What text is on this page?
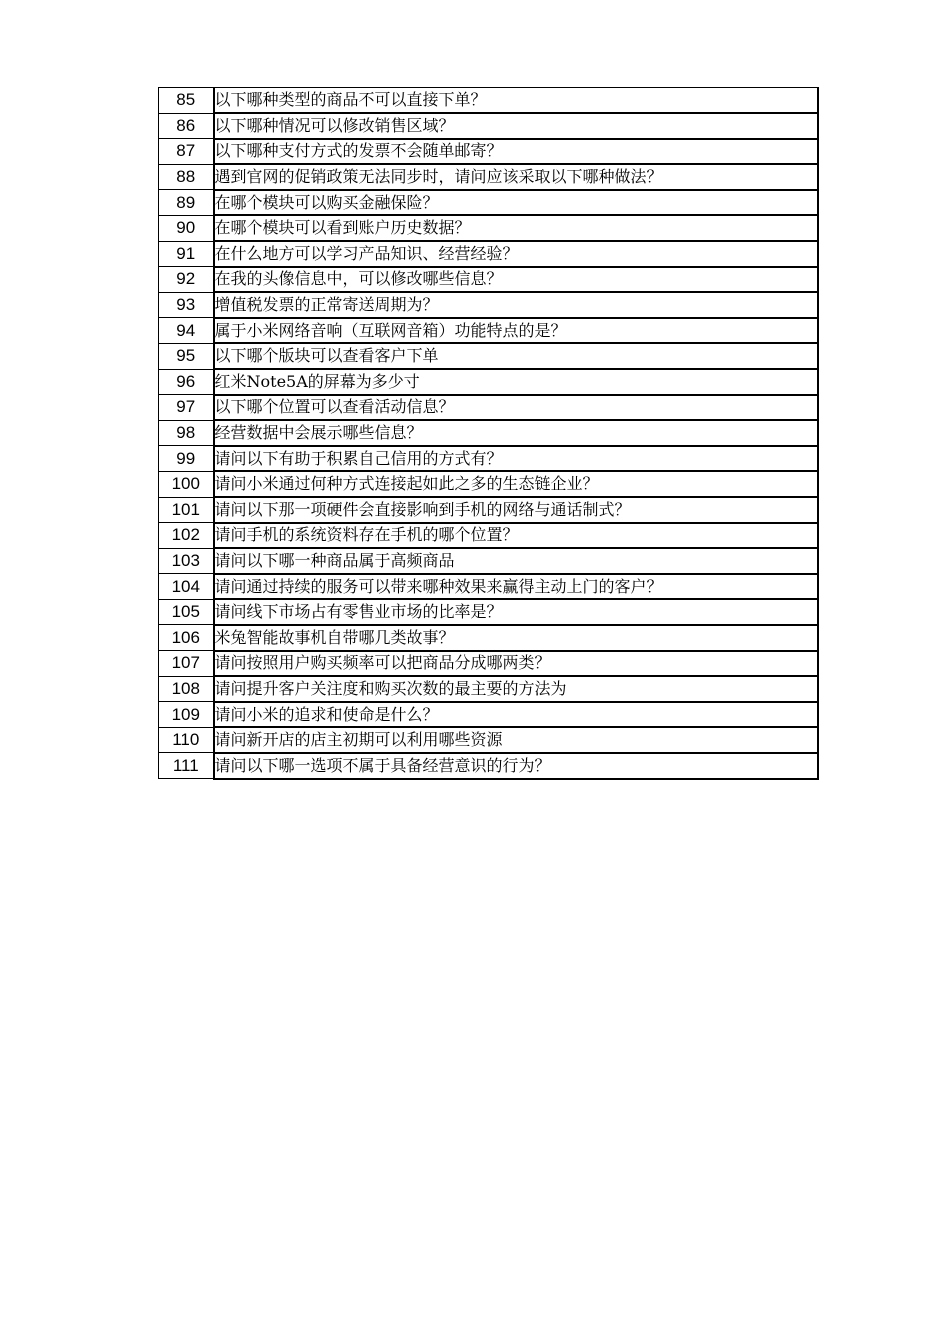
85	以下哪种类型的商品不可以直接下单？
86	以下哪种情况可以修改销售区域？
87	以下哪种支付方式的发票不会随单邮寄？
88	遇到官网的促销政策无法同步时，请问应该采取以下哪种做法？
89	在哪个模块可以购买金融保险？
90	在哪个模块可以看到账户历史数据？
91	在什么地方可以学习产品知识、经营经验？
92	在我的头像信息中，可以修改哪些信息？
93	增值税发票的正常寄送周期为？
94	属于小米网络音响（互联网音箱）功能特点的是？
95	以下哪个版块可以查看客户下单
96	红米Note5A的屏幕为多少寸
97	以下哪个位置可以查看活动信息？
98	经营数据中会展示哪些信息？
99	请问以下有助于积累自己信用的方式有？
100	请问小米通过何种方式连接起如此之多的生态链企业？
101	请问以下那一项硬件会直接影响到手机的网络与通话制式？
102	请问手机的系统资料存在手机的哪个位置？
103	请问以下哪一种商品属于高频商品
104	请问通过持续的服务可以带来哪种效果来赢得主动上门的客户？
105	请问线下市场占有零售业市场的比率是？
106	米兔智能故事机自带哪几类故事？
107	请问按照用户购买频率可以把商品分成哪两类？
108	请问提升客户关注度和购买次数的最主要的方法为
109	请问小米的追求和使命是什么？
110	请问新开店的店主初期可以利用哪些资源
111	请问以下哪一选项不属于具备经营意识的行为？
